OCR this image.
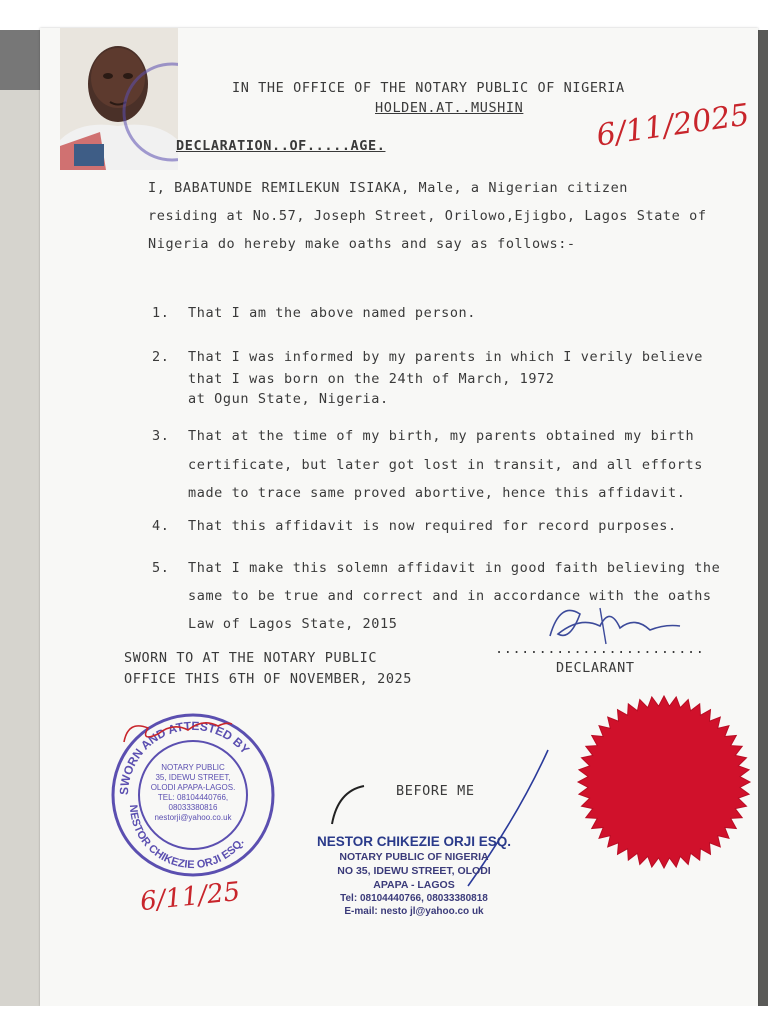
IN THE OFFICE OF THE NOTARY PUBLIC OF NIGERIA
HOLDEN.AT..MUSHIN
DECLARATION..OF.....AGE.	6/11/2025
I, BABATUNDE REMILEKUN ISIAKA, Male, a Nigerian citizen
residing at No.57, Joseph Street, Orilowo,Ejigbo, Lagos State of
Nigeria do hereby make oaths and say as follows:-
1. That I am the above named person.
2. That I was informed by my parents in which I verily believe
that I was born on the 24th of March, 1972
at Ogun State, Nigeria.
3. That at the time of my birth, my parents obtained my birth
certificate, but later got lost in transit, and all efforts
made to trace same proved abortive, hence this affidavit.
4. That this affidavit is now required for record purposes.
5. That I make this solemn affidavit in good faith believing the
same to be true and correct and in accordance with the oaths
Law of Lagos State, 2015
SWORN TO AT THE NOTARY PUBLIC
OFFICE THIS 6TH OF NOVEMBER, 2025
........................
DECLARANT
SWORN AND ATTESTED BY
NESTOR CHIKEZIE ORJI ESQ.
NOTARY PUBLIC
35, IDEWU STREET,
OLODI APAPA-LAGOS.
TEL: 08104440766,
08033380816
nestorji@yahoo.co.uk
6/11/25
BEFORE ME
NESTOR CHIKEZIE ORJI ESQ.
NOTARY PUBLIC OF NIGERIA
NO 35, IDEWU STREET, OLODI
APAPA - LAGOS
Tel: 08104440766, 08033380818
E-mail: nesto jl@yahoo.co uk
